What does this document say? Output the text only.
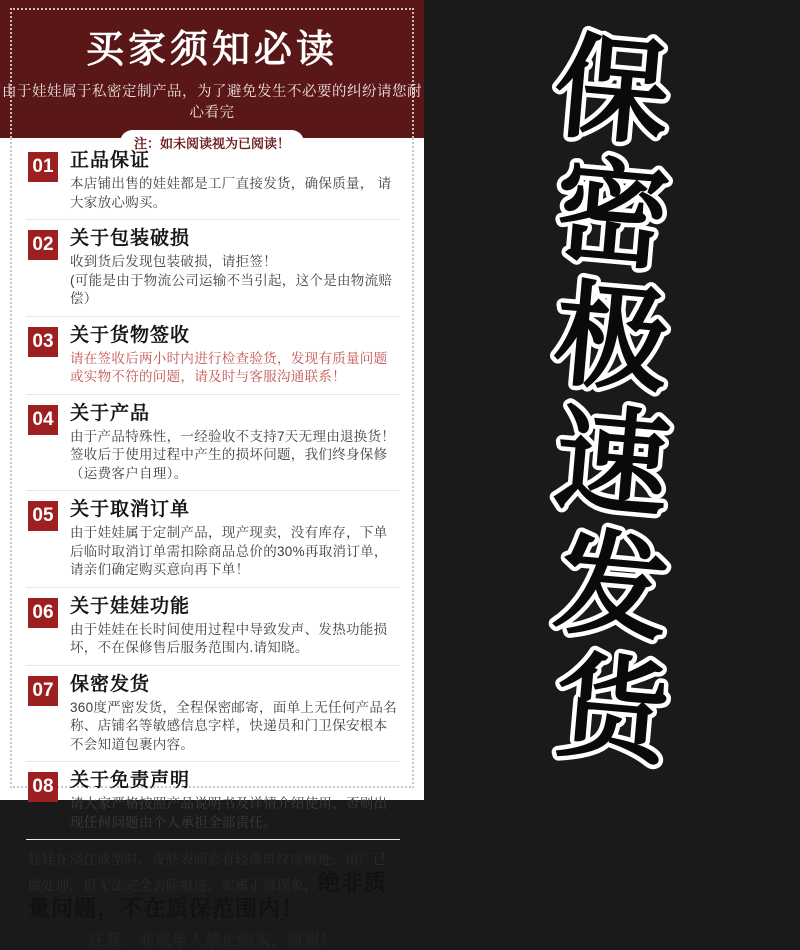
买家须知必读
由于娃娃属于私密定制产品，为了避免发生不必要的纠纷请您耐心看完
注：如未阅读视为已阅读！
01 正品保证
本店铺出售的娃娃都是工厂直接发货，确保质量， 请大家放心购买。
02 关于包装破损
收到货后发现包装破损，请拒签！
(可能是由于物流公司运输不当引起，这个是由物流赔偿）
03 关于货物签收
请在签收后两小时内进行检查验货，发现有质量问题或实物不符的问题，请及时与客服沟通联系！
04 关于产品
由于产品特殊性，一经验收不支持7天无理由退换货！签收后于使用过程中产生的损坏问题，我们终身保修（运费客户自理）。
05 关于取消订单
由于娃娃属于定制产品，现产现卖，没有库存，下单后临时取消订单需扣除商品总价的30%再取消订单，请亲们确定购买意向再下单！
06 关于娃娃功能
由于娃娃在长时间使用过程中导致发声、发热功能损坏，不在保修售后服务范围内.请知晓。
07 保密发货
360度严密发货，全程保密邮寄，面单上无任何产品名称、店铺名等敏感信息字样，快递员和门卫保安根本不会知道包裹内容。
08 关于免责声明
请大家严格按照产品说明书及详情介绍使用，否则出现任何问题由个人承担全部责任。
娃娃在浇注成型时，皮肤表面会有轻微斑纹或痕迹，出厂已做处理，但无法完全去除痕迹、实属正常现象，绝非质量问题，不在质保范围内！
注意：非成年人禁止购买，谢谢！
保
密
极
速
发
货
